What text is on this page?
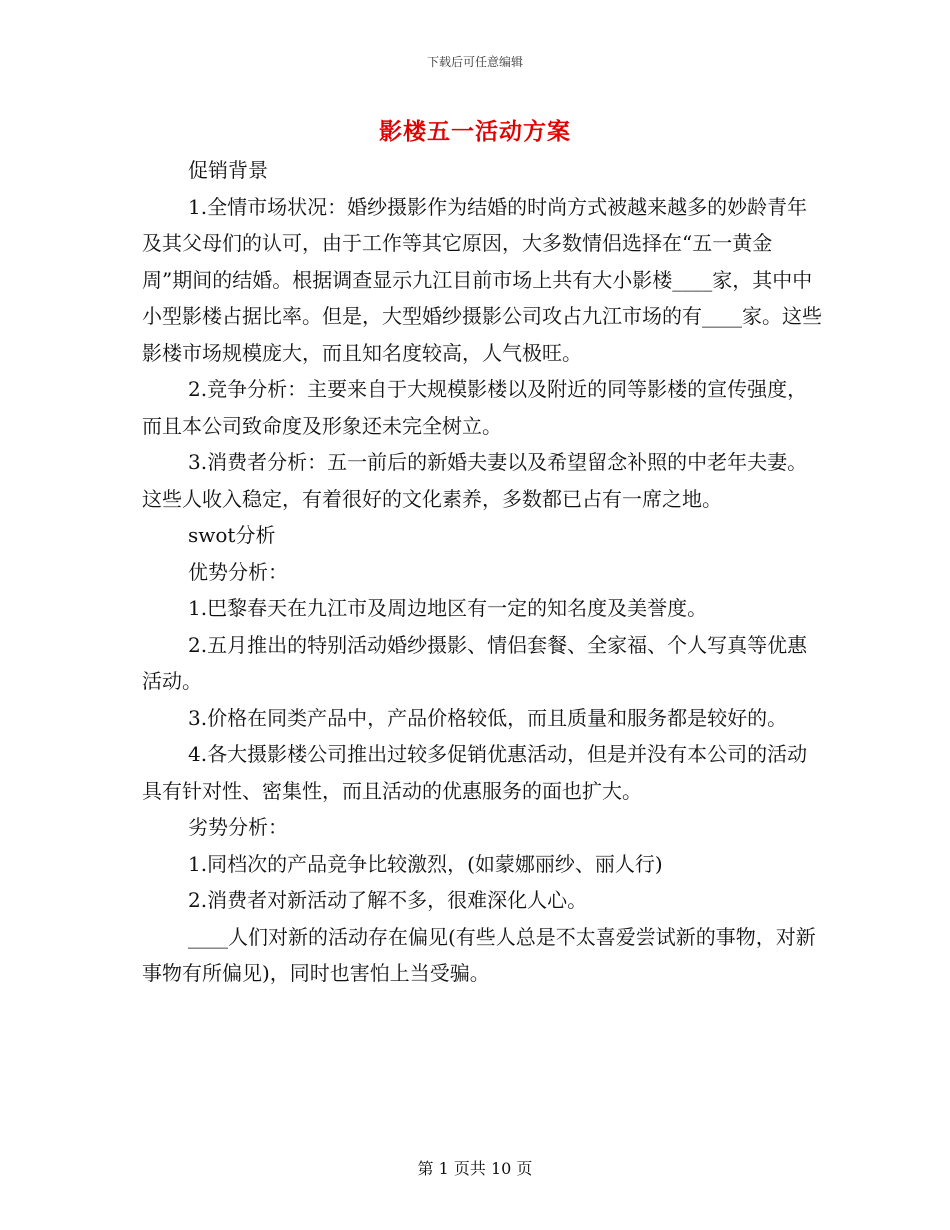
下载后可任意编辑
影楼五一活动方案

促销背景

1.全情市场状况：婚纱摄影作为结婚的时尚方式被越来越多的妙龄青年及其父母们的认可，由于工作等其它原因，大多数情侣选择在“五一黄金周”期间的结婚。根据调查显示九江目前市场上共有大小影楼____家，其中中小型影楼占据比率。但是，大型婚纱摄影公司攻占九江市场的有____家。这些影楼市场规模庞大，而且知名度较高，人气极旺。

2.竞争分析：主要来自于大规模影楼以及附近的同等影楼的宣传强度，而且本公司致命度及形象还未完全树立。

3.消费者分析：五一前后的新婚夫妻以及希望留念补照的中老年夫妻。这些人收入稳定，有着很好的文化素养，多数都已占有一席之地。

swot分析

优势分析：

1.巴黎春天在九江市及周边地区有一定的知名度及美誉度。

2.五月推出的特别活动婚纱摄影、情侣套餐、全家福、个人写真等优惠活动。

3.价格在同类产品中，产品价格较低，而且质量和服务都是较好的。

4.各大摄影楼公司推出过较多促销优惠活动，但是并没有本公司的活动具有针对性、密集性，而且活动的优惠服务的面也扩大。

劣势分析：

1.同档次的产品竞争比较激烈，(如蒙娜丽纱、丽人行)

2.消费者对新活动了解不多，很难深化人心。

____人们对新的活动存在偏见(有些人总是不太喜爱尝试新的事物，对新事物有所偏见)，同时也害怕上当受骗。

第 1 页共 10 页
